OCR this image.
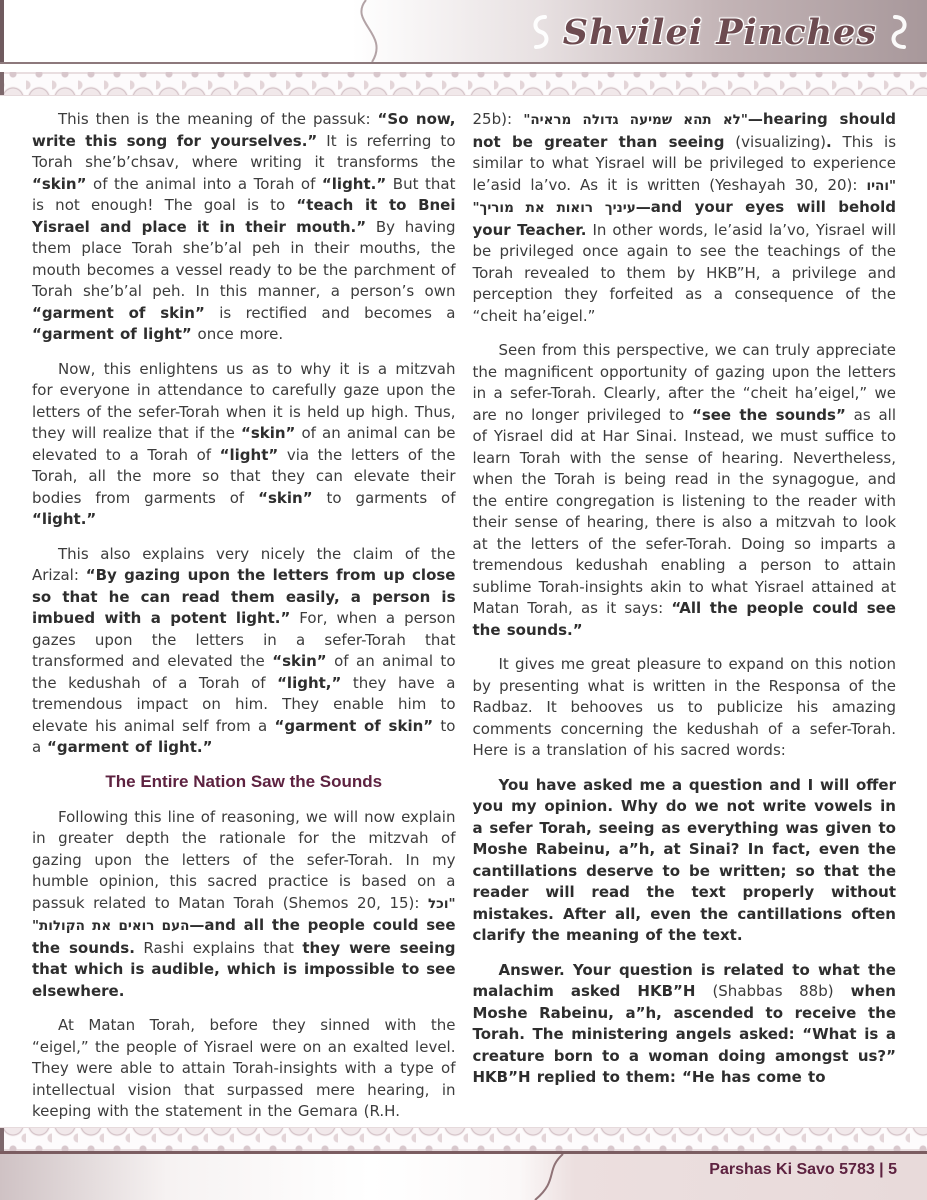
Shvilei Pinches

This then is the meaning of the passuk: “So now, write this song for yourselves.” It is referring to Torah she’b’chsav, where writing it transforms the “skin” of the animal into a Torah of “light.” But that is not enough! The goal is to “teach it to Bnei Yisrael and place it in their mouth.” By having them place Torah she’b’al peh in their mouths, the mouth becomes a vessel ready to be the parchment of Torah she’b’al peh. In this manner, a person’s own “garment of skin” is rectified and becomes a “garment of light” once more.

Now, this enlightens us as to why it is a mitzvah for everyone in attendance to carefully gaze upon the letters of the sefer-Torah when it is held up high. Thus, they will realize that if the “skin” of an animal can be elevated to a Torah of “light” via the letters of the Torah, all the more so that they can elevate their bodies from garments of “skin” to garments of “light.”

This also explains very nicely the claim of the Arizal: “By gazing upon the letters from up close so that he can read them easily, a person is imbued with a potent light.” For, when a person gazes upon the letters in a sefer-Torah that transformed and elevated the “skin” of an animal to the kedushah of a Torah of “light,” they have a tremendous impact on him. They enable him to elevate his animal self from a “garment of skin” to a “garment of light.”

The Entire Nation Saw the Sounds

Following this line of reasoning, we will now explain in greater depth the rationale for the mitzvah of gazing upon the letters of the sefer-Torah. In my humble opinion, this sacred practice is based on a passuk related to Matan Torah (Shemos 20, 15): "וכל העם רואים את הקולות"—and all the people could see the sounds. Rashi explains that they were seeing that which is audible, which is impossible to see elsewhere.

At Matan Torah, before they sinned with the “eigel,” the people of Yisrael were on an exalted level. They were able to attain Torah-insights with a type of intellectual vision that surpassed mere hearing, in keeping with the statement in the Gemara (R.H.

25b): "לא תהא שמיעה גדולה מראיה"—hearing should not be greater than seeing (visualizing). This is similar to what Yisrael will be privileged to experience le’asid la’vo. As it is written (Yeshayah 30, 20): "והיו עיניך רואות את מוריך"—and your eyes will behold your Teacher. In other words, le’asid la’vo, Yisrael will be privileged once again to see the teachings of the Torah revealed to them by HKB”H, a privilege and perception they forfeited as a consequence of the “cheit ha’eigel.”

Seen from this perspective, we can truly appreciate the magnificent opportunity of gazing upon the letters in a sefer-Torah. Clearly, after the “cheit ha’eigel,” we are no longer privileged to “see the sounds” as all of Yisrael did at Har Sinai. Instead, we must suffice to learn Torah with the sense of hearing. Nevertheless, when the Torah is being read in the synagogue, and the entire congregation is listening to the reader with their sense of hearing, there is also a mitzvah to look at the letters of the sefer-Torah. Doing so imparts a tremendous kedushah enabling a person to attain sublime Torah-insights akin to what Yisrael attained at Matan Torah, as it says: “All the people could see the sounds.”

It gives me great pleasure to expand on this notion by presenting what is written in the Responsa of the Radbaz. It behooves us to publicize his amazing comments concerning the kedushah of a sefer-Torah. Here is a translation of his sacred words:

You have asked me a question and I will offer you my opinion. Why do we not write vowels in a sefer Torah, seeing as everything was given to Moshe Rabeinu, a”h, at Sinai? In fact, even the cantillations deserve to be written; so that the reader will read the text properly without mistakes. After all, even the cantillations often clarify the meaning of the text.

Answer. Your question is related to what the malachim asked HKB”H (Shabbas 88b) when Moshe Rabeinu, a”h, ascended to receive the Torah. The ministering angels asked: “What is a creature born to a woman doing amongst us?” HKB”H replied to them: “He has come to

Parshas Ki Savo 5783 | 5
